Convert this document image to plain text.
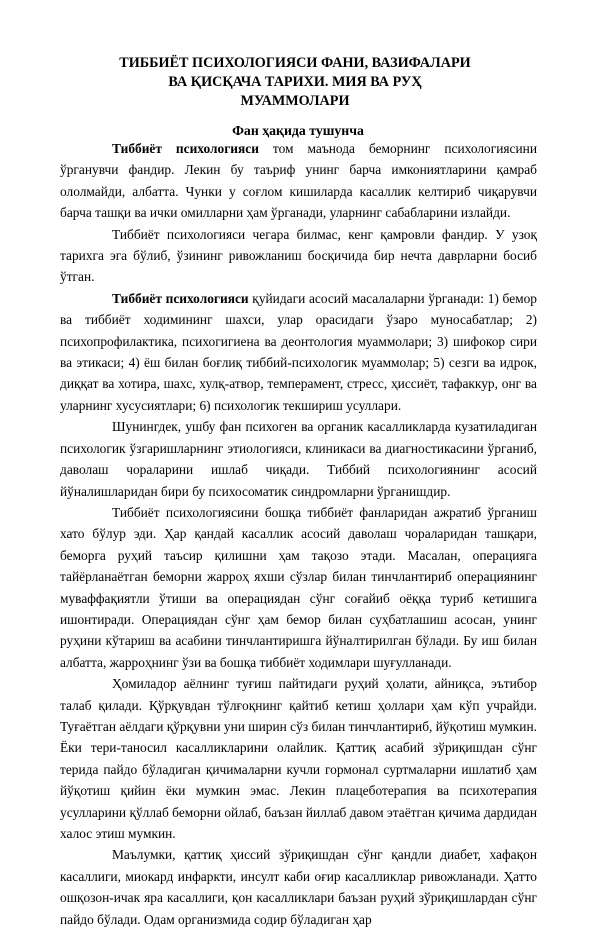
ТИББИЁТ ПСИХОЛОГИЯСИ ФАНИ, ВАЗИФАЛАРИ
ВА ҚИСҚАЧА ТАРИХИ. МИЯ ВА РУҲ
МУАММОЛАРИ
Фан ҳақида тушунча

Тиббиёт психологияси том маънода беморнинг психологиясини ўрганувчи фандир. Лекин бу таъриф унинг барча имкониятларини қамраб ололмайди, албатта. Чунки у соғлом кишиларда касаллик келтириб чиқарувчи барча ташқи ва ички омилларни ҳам ўрганади, уларнинг сабабларини излайди.

Тиббиёт психологияси чегара билмас, кенг қамровли фандир. У узоқ тарихга эга бўлиб, ўзининг ривожланиш босқичида бир нечта даврларни босиб ўтган.

Тиббиёт психологияси қуйидаги асосий масалаларни ўрганади: 1) бемор ва тиббиёт ходимининг шахси, улар орасидаги ўзаро муносабатлар; 2) психопрофилактика, психогигиена ва деонтология муаммолари; 3) шифокор сири ва этикаси; 4) ёш билан боғлиқ тиббий-психологик муаммолар; 5) сезги ва идрок, диққат ва хотира, шахс, хулқ-атвор, темперамент, стресс, ҳиссиёт, тафаккур, онг ва уларнинг хусусиятлари; 6) психологик текшириш усуллари.

Шунингдек, ушбу фан психоген ва органик касалликларда кузатиладиган психологик ўзгаришларнинг этиологияси, клиникаси ва диагностикасини ўрганиб, даволаш чораларини ишлаб чиқади. Тиббий психологиянинг асосий йўналишларидан бири бу психосоматик синдромларни ўрганишдир.

Тиббиёт психологиясини бошқа тиббиёт фанларидан ажратиб ўрганиш хато бўлур эди. Ҳар қандай касаллик асосий даволаш чораларидан ташқари, беморга руҳий таъсир қилишни ҳам тақозо этади. Масалан, операцияга тайёрланаётган беморни жарроҳ яхши сўзлар билан тинчлантириб операциянинг муваффақиятли ўтиши ва операциядан сўнг соғайиб оёққа туриб кетишига ишонтиради. Операциядан сўнг ҳам бемор билан суҳбатлашиш асосан, унинг руҳини кўтариш ва асабини тинчлантиришга йўналтирилган бўлади. Бу иш билан албатта, жарроҳнинг ўзи ва бошқа тиббиёт ходимлари шуғулланади.

Ҳомиладор аёлнинг туғиш пайтидаги руҳий ҳолати, айниқса, эътибор талаб қилади. Қўрқувдан тўлғоқнинг қайтиб кетиш ҳоллари ҳам кўп учрайди. Туғаётган аёлдаги қўрқувни уни ширин сўз билан тинчлантириб, йўқотиш мумкин. Ёки тери-таносил касалликларини олайлик. Қаттиқ асабий зўриқишдан сўнг терида пайдо бўладиган қичималарни кучли гормонал суртмаларни ишлатиб ҳам йўқотиш қийин ёки мумкин эмас. Лекин плацеботерапия ва психотерапия усулларини қўллаб беморни ойлаб, баъзан йиллаб давом этаётган қичима дардидан халос этиш мумкин.

Маълумки, қаттиқ ҳиссий зўриқишдан сўнг қандли диабет, хафақон касаллиги, миокард инфаркти, инсулт каби оғир касалликлар ривожланади. Ҳатто ошқозон-ичак яра касаллиги, қон касалликлари баъзан руҳий зўриқишлардан сўнг пайдо бўлади. Одам организмида содир бўладиган ҳар
